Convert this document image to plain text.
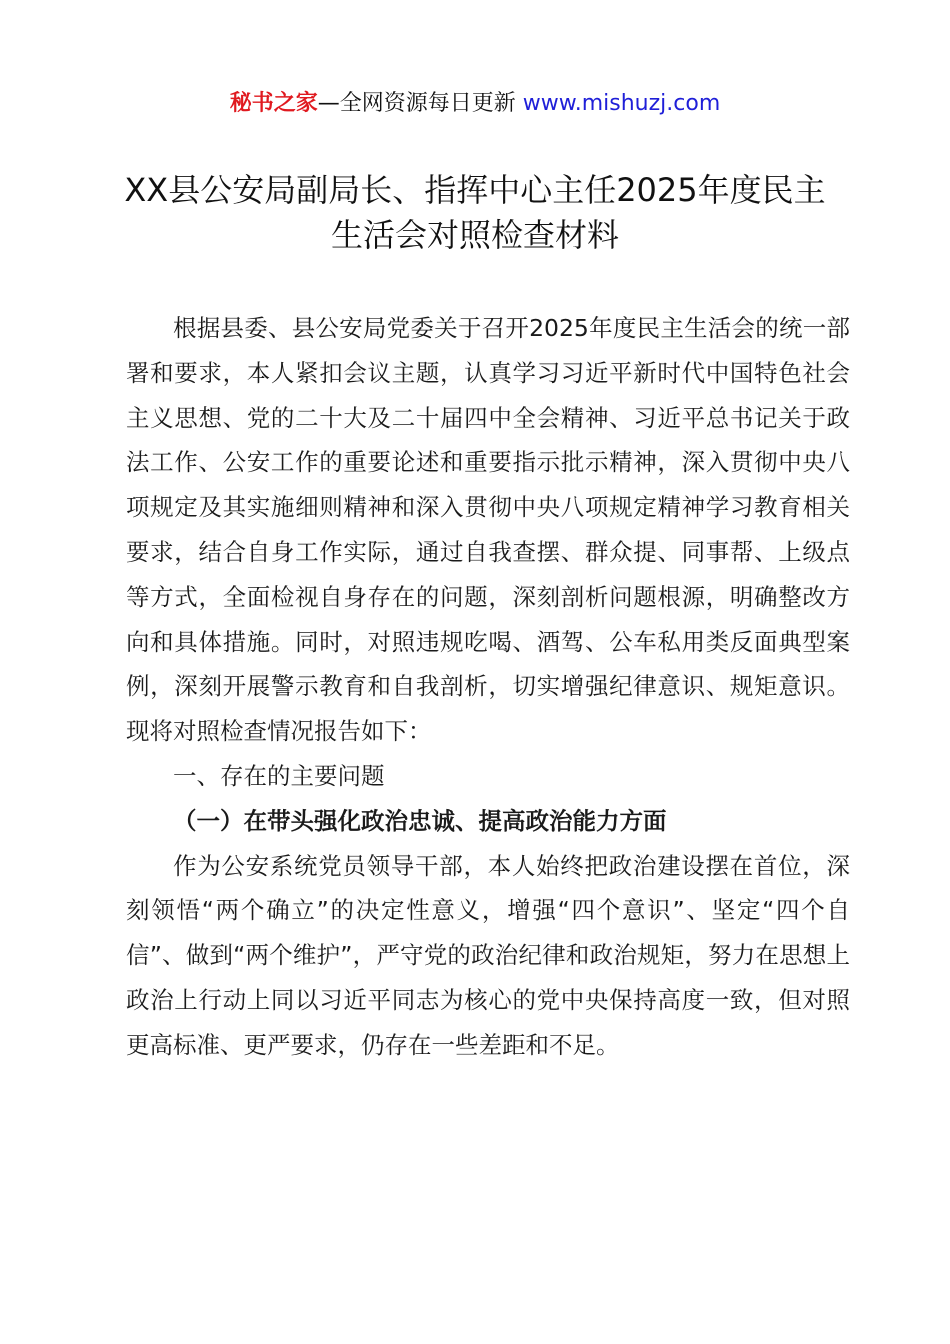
秘书之家—全网资源每日更新 www.mishuzj.com
XX县公安局副局长、指挥中心主任2025年度民主生活会对照检查材料

根据县委、县公安局党委关于召开2025年度民主生活会的统一部署和要求，本人紧扣会议主题，认真学习习近平新时代中国特色社会主义思想、党的二十大及二十届四中全会精神、习近平总书记关于政法工作、公安工作的重要论述和重要指示批示精神，深入贯彻中央八项规定及其实施细则精神和深入贯彻中央八项规定精神学习教育相关要求，结合自身工作实际，通过自我查摆、群众提、同事帮、上级点等方式，全面检视自身存在的问题，深刻剖析问题根源，明确整改方向和具体措施。同时，对照违规吃喝、酒驾、公车私用类反面典型案例，深刻开展警示教育和自我剖析，切实增强纪律意识、规矩意识。现将对照检查情况报告如下：

一、存在的主要问题

（一）在带头强化政治忠诚、提高政治能力方面

作为公安系统党员领导干部，本人始终把政治建设摆在首位，深刻领悟“两个确立”的决定性意义，增强“四个意识”、坚定“四个自信”、做到“两个维护”，严守党的政治纪律和政治规矩，努力在思想上政治上行动上同以习近平同志为核心的党中央保持高度一致，但对照更高标准、更严要求，仍存在一些差距和不足。
